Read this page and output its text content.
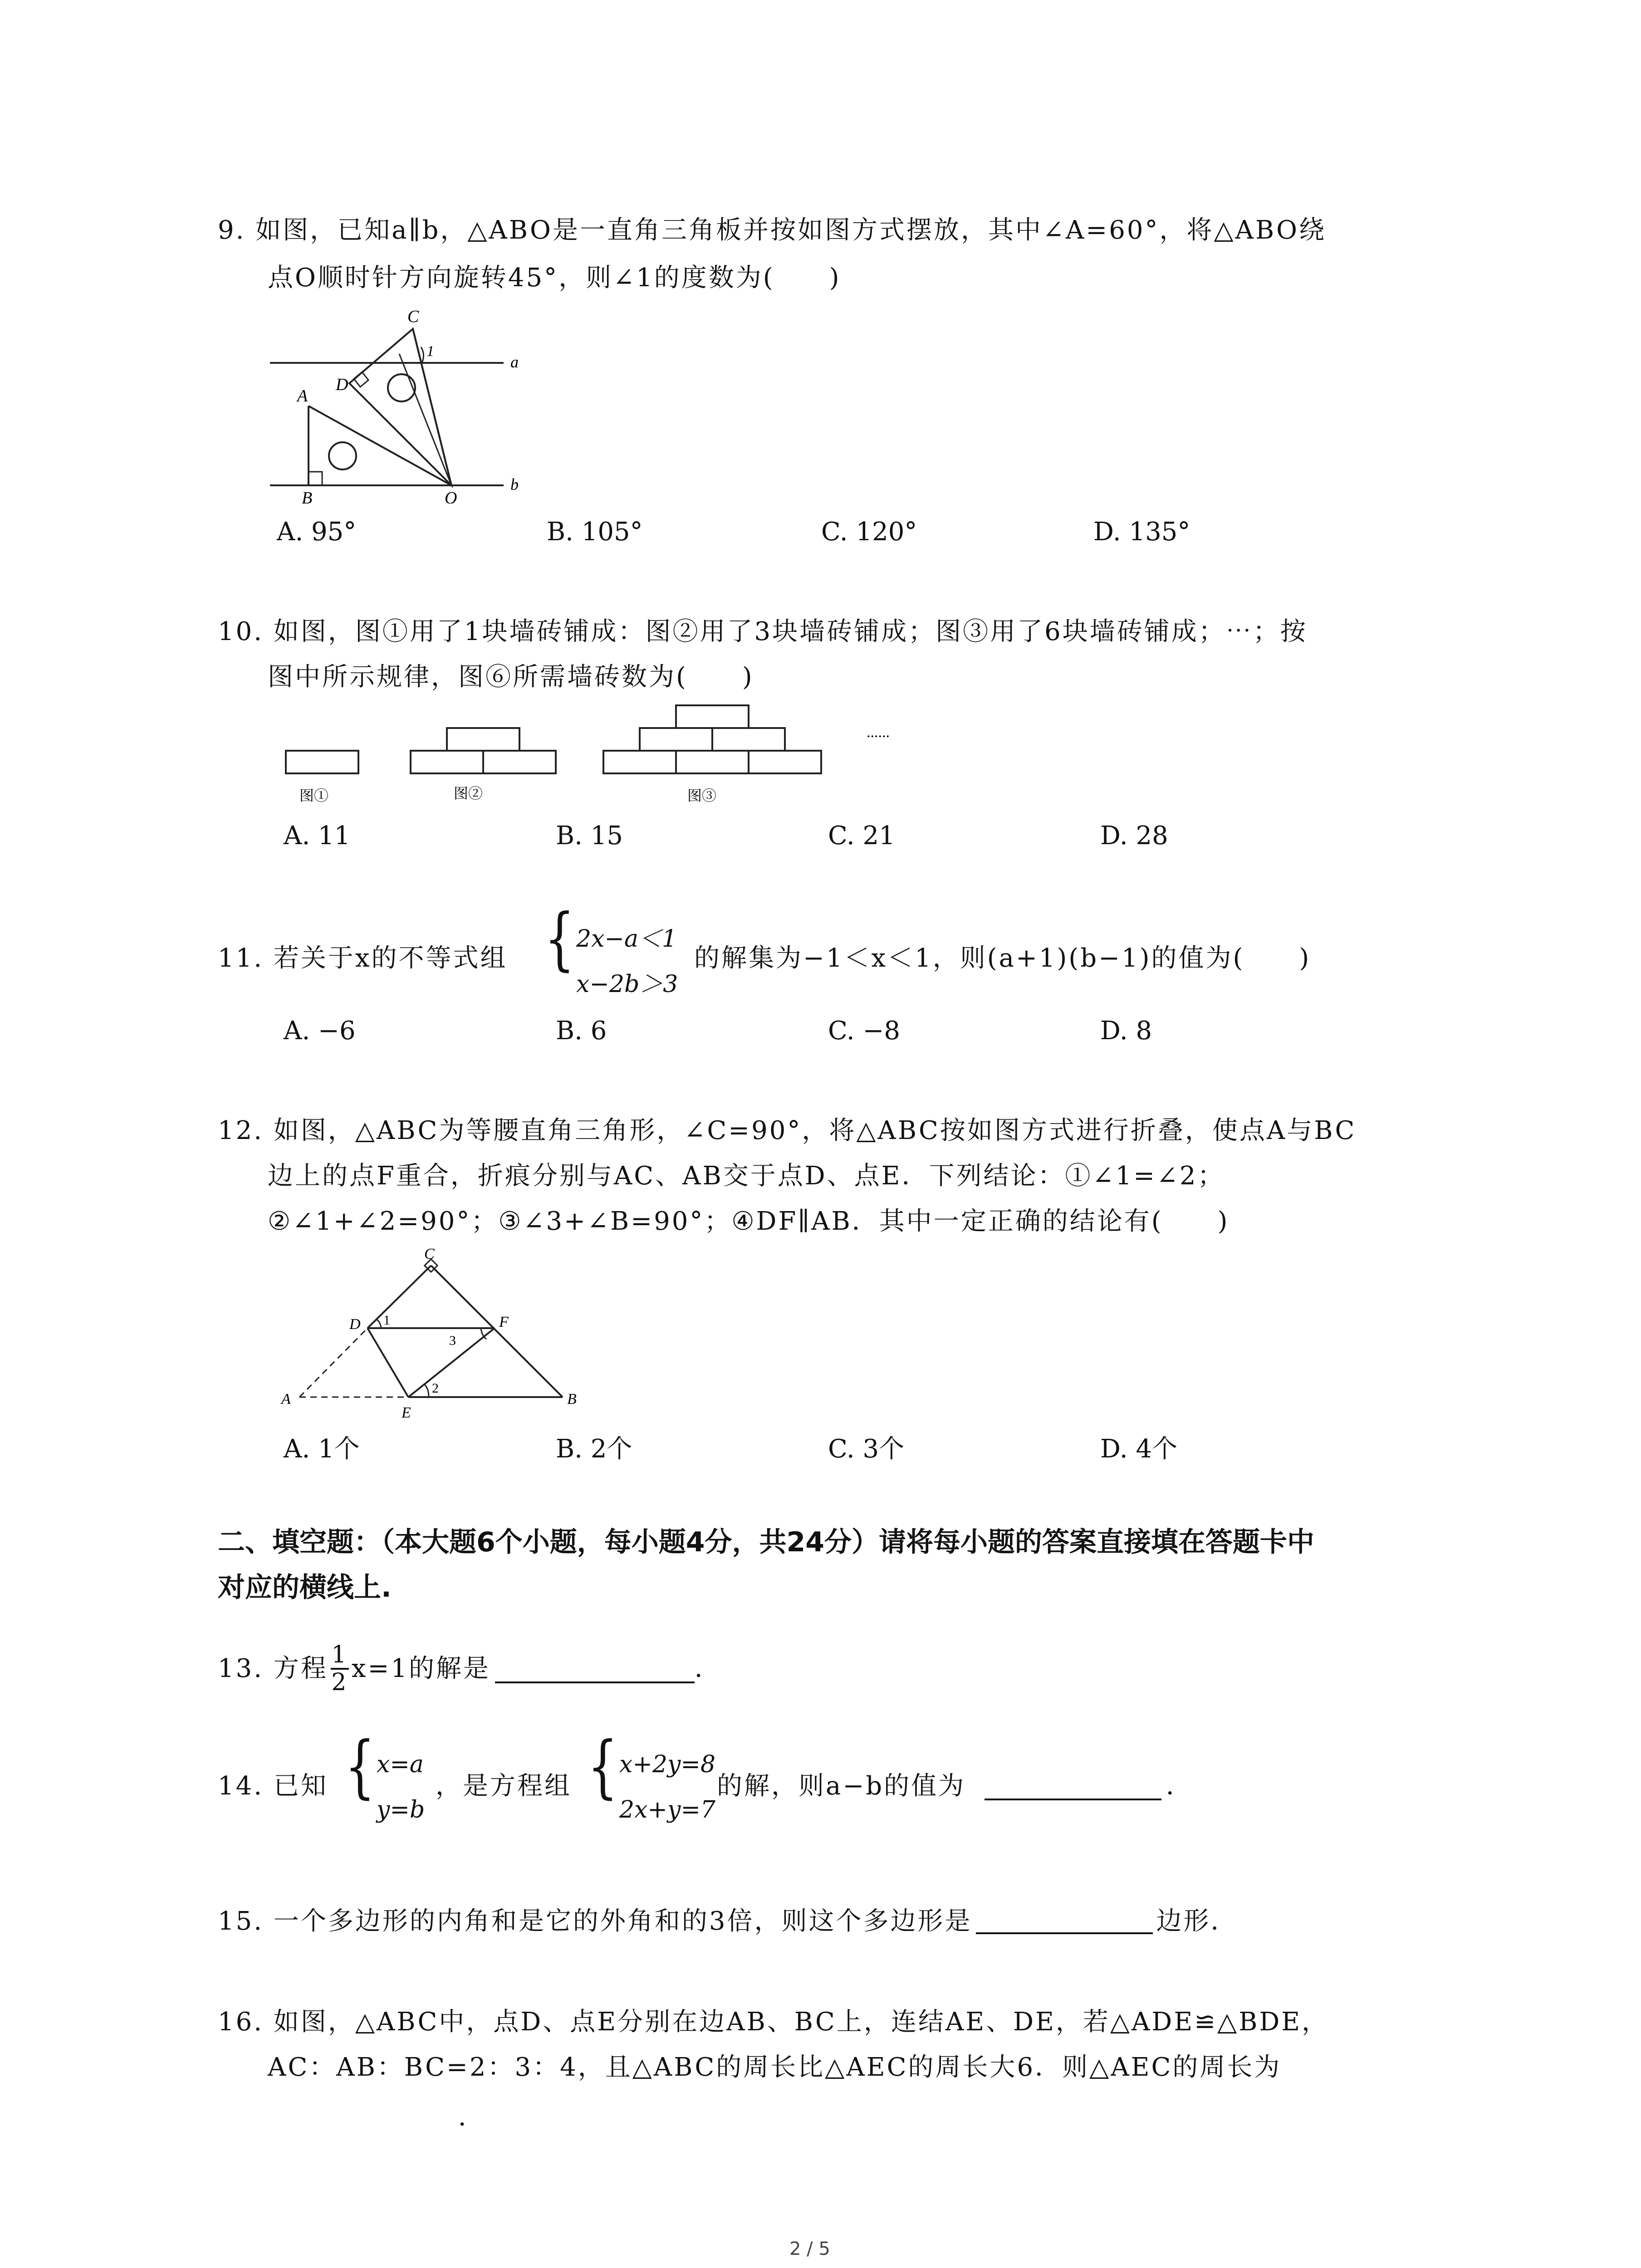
9. 如图，已知a∥b，△ABO是一直角三角板并按如图方式摆放，其中∠A=60°，将△ABO绕
点O顺时针方向旋转45°，则∠1的度数为(　　)
C
1
a
D
A
B	O
b
A. 95°	B. 105°	C. 120°	D. 135°
10. 如图，图①用了1块墙砖铺成：图②用了3块墙砖铺成；图③用了6块墙砖铺成；⋯；按
图中所示规律，图⑥所需墙砖数为(　　)
......
图①	图②	图③
A. 11	B. 15	C. 21	D. 28
11. 若关于x的不等式组 { 2x−a＜1
x−2b＞3
的解集为−1＜x＜1，则(a+1)(b−1)的值为(　　)
A. −6	B. 6	C. −8	D. 8
12. 如图，△ABC为等腰直角三角形，∠C=90°，将△ABC按如图方式进行折叠，使点A与BC
边上的点F重合，折痕分别与AC、AB交于点D、点E．下列结论：①∠1=∠2；
②∠1+∠2=90°；③∠3+∠B=90°；④DF∥AB．其中一定正确的结论有(　　)
C
D	F
A
E
B
1
2
3
A. 1个	B. 2个	C. 3个	D. 4个
二、填空题：（本大题6个小题，每小题4分，共24分）请将每小题的答案直接填在答题卡中
对应的横线上.
13. 方程 $\frac{1}{2} x=1$的解是	．
14. 已知 { x=a
y=b
，是方程组 { x+2y=8
2x+y=7
的解，则a−b的值为	．
15. 一个多边形的内角和是它的外角和的3倍，则这个多边形是	边形．
16. 如图，△ABC中，点D、点E分别在边AB、BC上，连结AE、DE，若△ADE≌△BDE，
AC：AB：BC=2：3：4，且△ABC的周长比△AEC的周长大6．则△AEC的周长为
．
2 / 5
